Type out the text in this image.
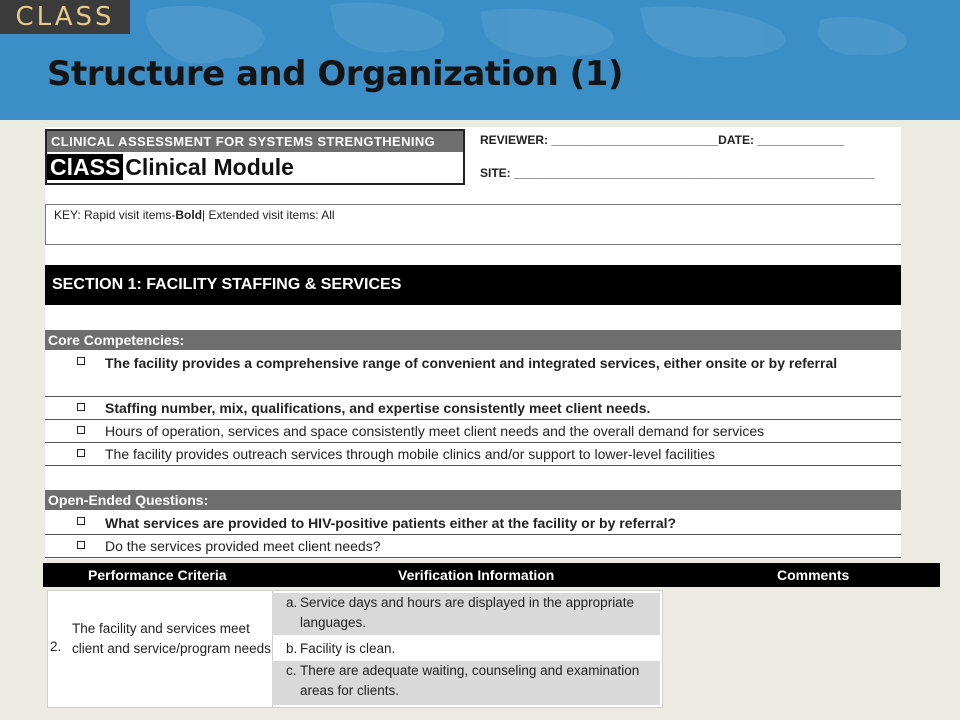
CLASS
Structure and Organization (1)
CLINICAL ASSESSMENT FOR SYSTEMS STRENGTHENING
ClASS Clinical Module
REVIEWER: _________________________DATE: _____________
SITE: ______________________________________________________
KEY: Rapid visit items-Bold| Extended visit items: All
SECTION 1: FACILITY STAFFING & SERVICES
Core Competencies:
The facility provides a comprehensive range of convenient and integrated services, either onsite or by referral
Staffing number, mix, qualifications, and expertise consistently meet client needs.
Hours of operation, services and space consistently meet client needs and the overall demand for services
The facility provides outreach services through mobile clinics and/or support to lower-level facilities
Open-Ended Questions:
What services are provided to HIV-positive patients either at the facility or by referral?
Do the services provided meet client needs?
Performance Criteria	Verification Information	Comments
2.
The facility and services meet client and service/program needs
a. Service days and hours are displayed in the appropriate languages.
b. Facility is clean.
c. There are adequate waiting, counseling and examination areas for clients.
